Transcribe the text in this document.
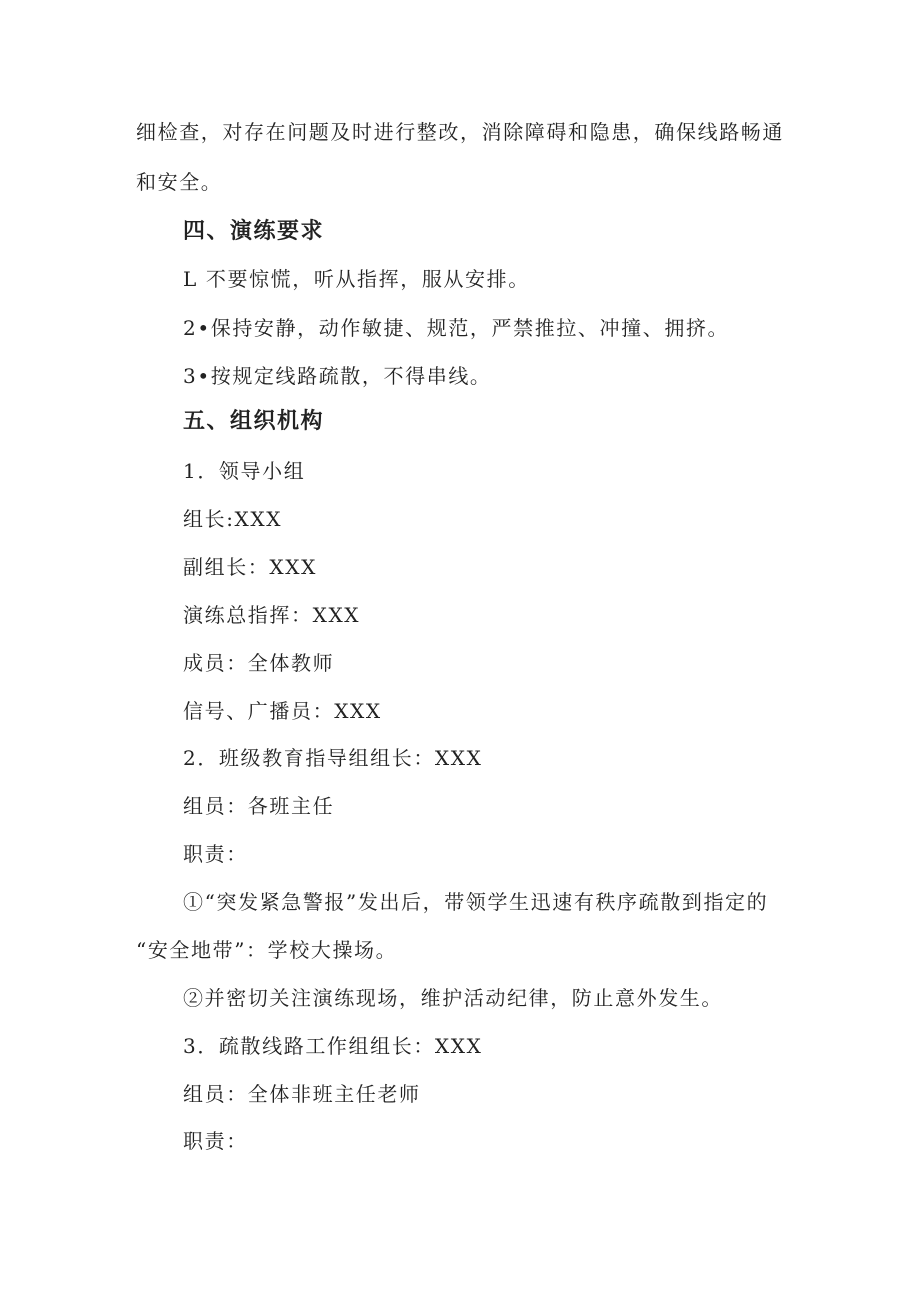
细检查，对存在问题及时进行整改，消除障碍和隐患，确保线路畅通
和安全。
四、演练要求
L 不要惊慌，听从指挥，服从安排。
2•保持安静，动作敏捷、规范，严禁推拉、冲撞、拥挤。
3•按规定线路疏散，不得串线。
五、组织机构
1．领导小组
组长:XXX
副组长：XXX
演练总指挥：XXX
成员：全体教师
信号、广播员：XXX
2．班级教育指导组组长：XXX
组员：各班主任
职责：
①“突发紧急警报”发出后，带领学生迅速有秩序疏散到指定的
“安全地带”：学校大操场。
②并密切关注演练现场，维护活动纪律，防止意外发生。
3．疏散线路工作组组长：XXX
组员：全体非班主任老师
职责：
